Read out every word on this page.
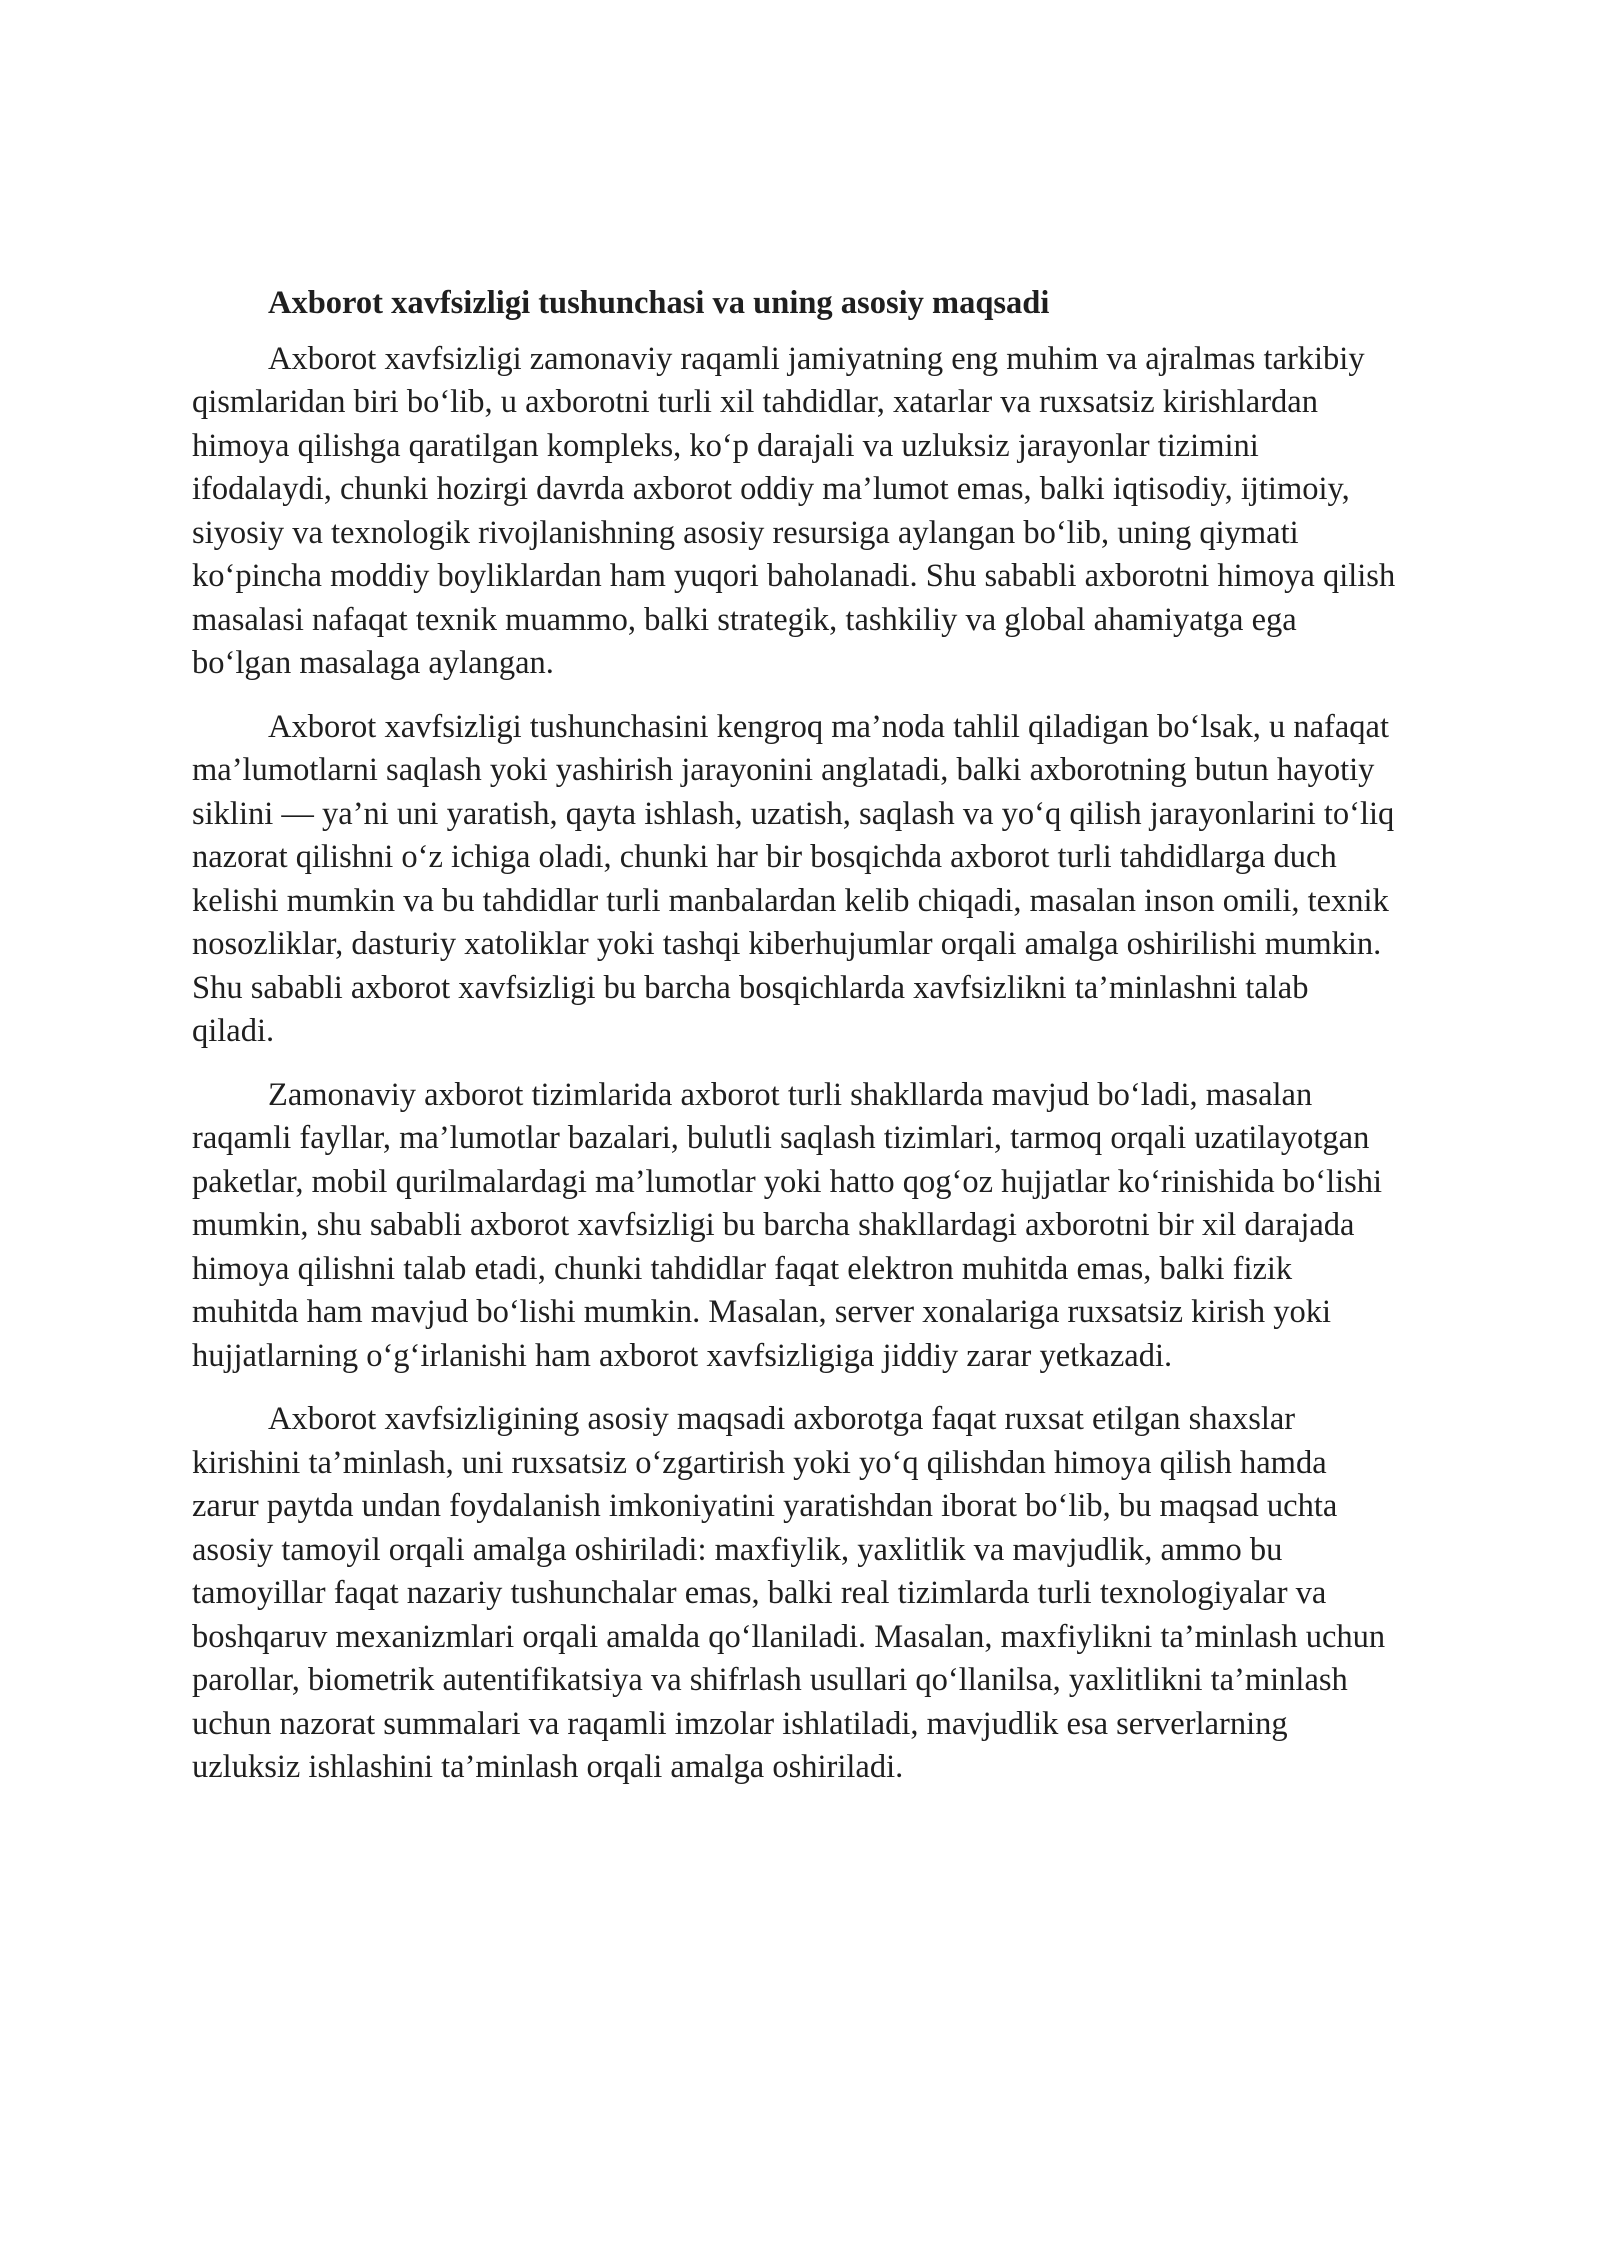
Axborot xavfsizligi tushunchasi va uning asosiy maqsadi

Axborot xavfsizligi zamonaviy raqamli jamiyatning eng muhim va ajralmas tarkibiy qismlaridan biri bo‘lib, u axborotni turli xil tahdidlar, xatarlar va ruxsatsiz kirishlardan himoya qilishga qaratilgan kompleks, ko‘p darajali va uzluksiz jarayonlar tizimini ifodalaydi, chunki hozirgi davrda axborot oddiy ma’lumot emas, balki iqtisodiy, ijtimoiy, siyosiy va texnologik rivojlanishning asosiy resursiga aylangan bo‘lib, uning qiymati ko‘pincha moddiy boyliklardan ham yuqori baholanadi. Shu sababli axborotni himoya qilish masalasi nafaqat texnik muammo, balki strategik, tashkiliy va global ahamiyatga ega bo‘lgan masalaga aylangan.

Axborot xavfsizligi tushunchasini kengroq ma’noda tahlil qiladigan bo‘lsak, u nafaqat ma’lumotlarni saqlash yoki yashirish jarayonini anglatadi, balki axborotning butun hayotiy siklini — ya’ni uni yaratish, qayta ishlash, uzatish, saqlash va yo‘q qilish jarayonlarini to‘liq nazorat qilishni o‘z ichiga oladi, chunki har bir bosqichda axborot turli tahdidlarga duch kelishi mumkin va bu tahdidlar turli manbalardan kelib chiqadi, masalan inson omili, texnik nosozliklar, dasturiy xatoliklar yoki tashqi kiberhujumlar orqali amalga oshirilishi mumkin. Shu sababli axborot xavfsizligi bu barcha bosqichlarda xavfsizlikni ta’minlashni talab qiladi.

Zamonaviy axborot tizimlarida axborot turli shakllarda mavjud bo‘ladi, masalan raqamli fayllar, ma’lumotlar bazalari, bulutli saqlash tizimlari, tarmoq orqali uzatilayotgan paketlar, mobil qurilmalardagi ma’lumotlar yoki hatto qog‘oz hujjatlar ko‘rinishida bo‘lishi mumkin, shu sababli axborot xavfsizligi bu barcha shakllardagi axborotni bir xil darajada himoya qilishni talab etadi, chunki tahdidlar faqat elektron muhitda emas, balki fizik muhitda ham mavjud bo‘lishi mumkin. Masalan, server xonalariga ruxsatsiz kirish yoki hujjatlarning o‘g‘irlanishi ham axborot xavfsizligiga jiddiy zarar yetkazadi.

Axborot xavfsizligining asosiy maqsadi axborotga faqat ruxsat etilgan shaxslar kirishini ta’minlash, uni ruxsatsiz o‘zgartirish yoki yo‘q qilishdan himoya qilish hamda zarur paytda undan foydalanish imkoniyatini yaratishdan iborat bo‘lib, bu maqsad uchta asosiy tamoyil orqali amalga oshiriladi: maxfiylik, yaxlitlik va mavjudlik, ammo bu tamoyillar faqat nazariy tushunchalar emas, balki real tizimlarda turli texnologiyalar va boshqaruv mexanizmlari orqali amalda qo‘llaniladi. Masalan, maxfiylikni ta’minlash uchun parollar, biometrik autentifikatsiya va shifrlash usullari qo‘llanilsa, yaxlitlikni ta’minlash uchun nazorat summalari va raqamli imzolar ishlatiladi, mavjudlik esa serverlarning uzluksiz ishlashini ta’minlash orqali amalga oshiriladi.
